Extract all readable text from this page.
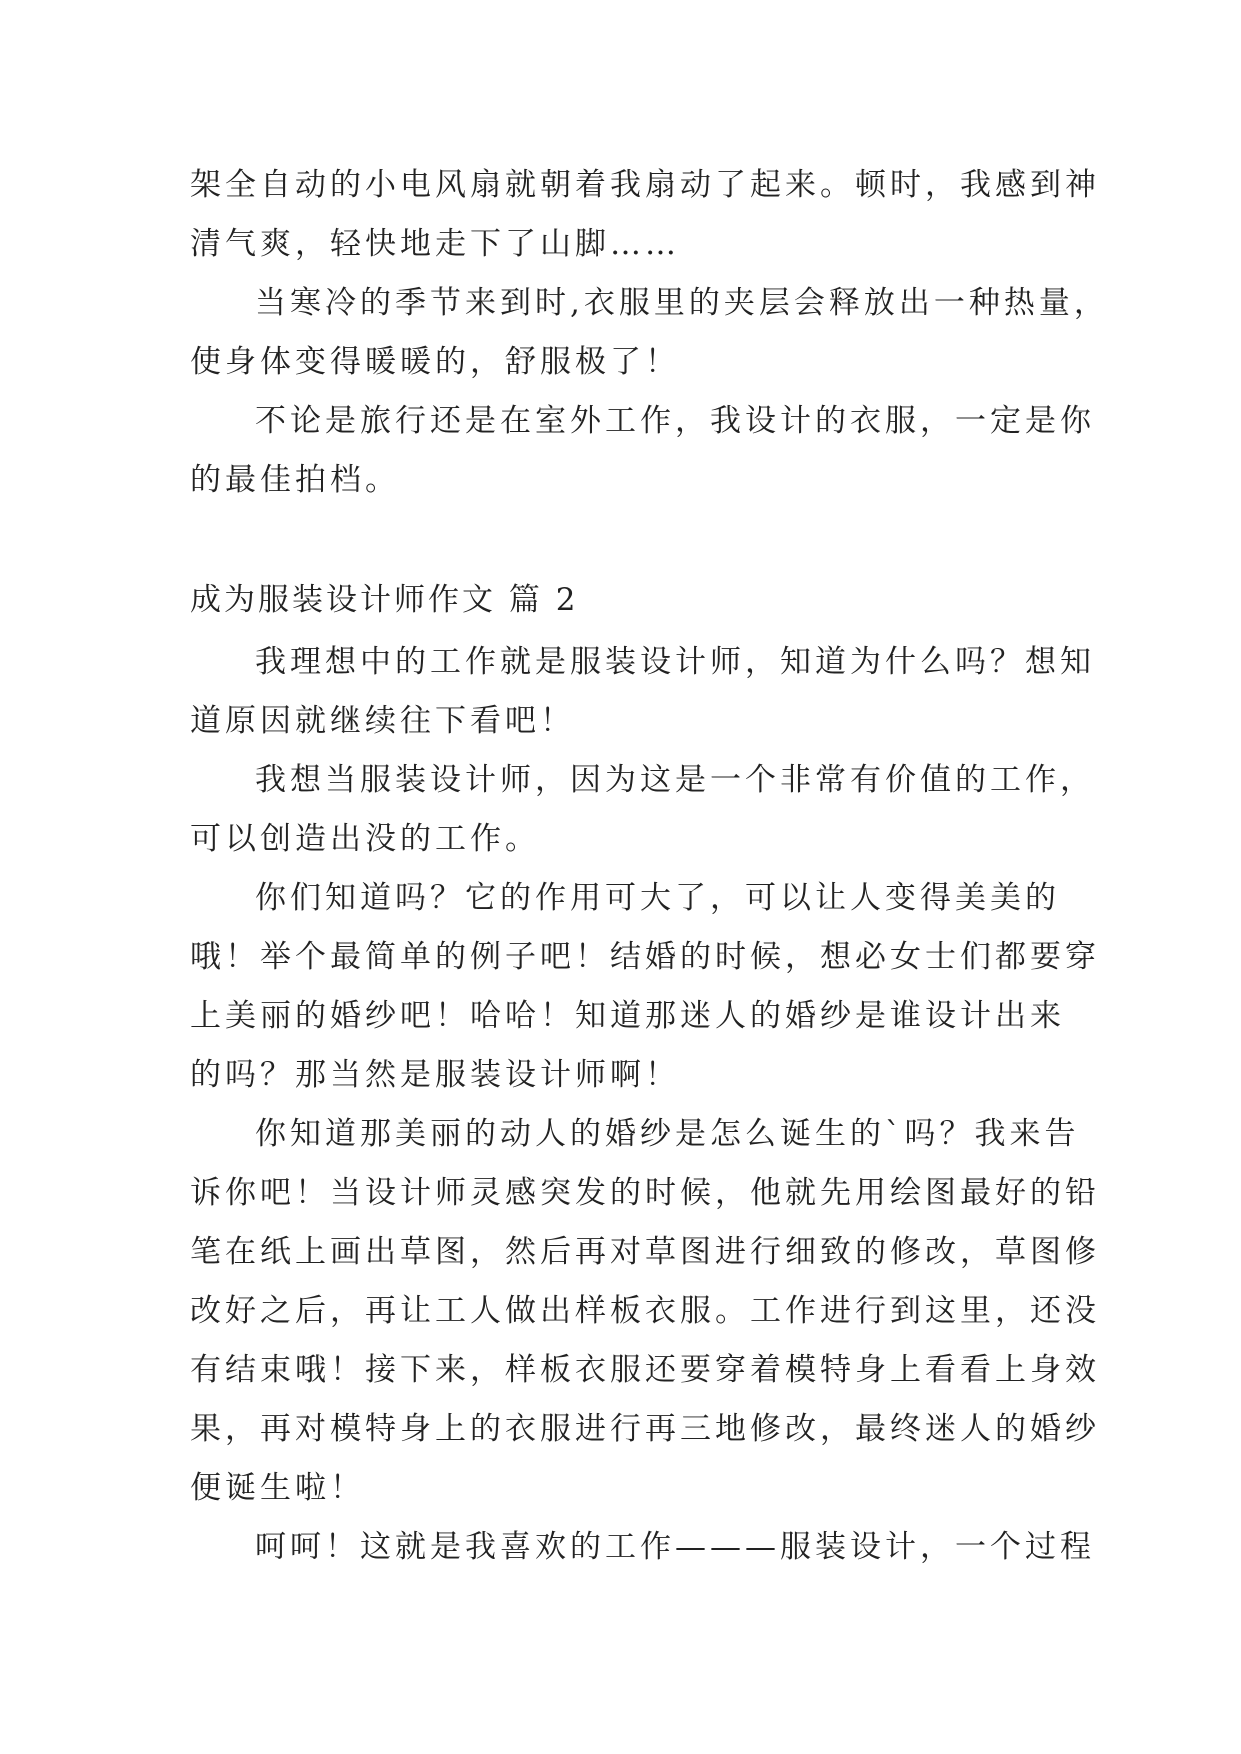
架全自动的小电风扇就朝着我扇动了起来。顿时，我感到神
清气爽，轻快地走下了山脚……
当寒冷的季节来到时,衣服里的夹层会释放出一种热量，
使身体变得暖暖的，舒服极了！
不论是旅行还是在室外工作，我设计的衣服，一定是你
的最佳拍档。
成为服装设计师作文 篇 2
我理想中的工作就是服装设计师，知道为什么吗？想知
道原因就继续往下看吧！
我想当服装设计师，因为这是一个非常有价值的工作，
可以创造出没的工作。
你们知道吗？它的作用可大了，可以让人变得美美的
哦！举个最简单的例子吧！结婚的时候，想必女士们都要穿
上美丽的婚纱吧！哈哈！知道那迷人的婚纱是谁设计出来
的吗？那当然是服装设计师啊！
你知道那美丽的动人的婚纱是怎么诞生的`吗？我来告
诉你吧！当设计师灵感突发的时候，他就先用绘图最好的铅
笔在纸上画出草图，然后再对草图进行细致的修改，草图修
改好之后，再让工人做出样板衣服。工作进行到这里，还没
有结束哦！接下来，样板衣服还要穿着模特身上看看上身效
果，再对模特身上的衣服进行再三地修改，最终迷人的婚纱
便诞生啦！
呵呵！这就是我喜欢的工作———服装设计，一个过程
